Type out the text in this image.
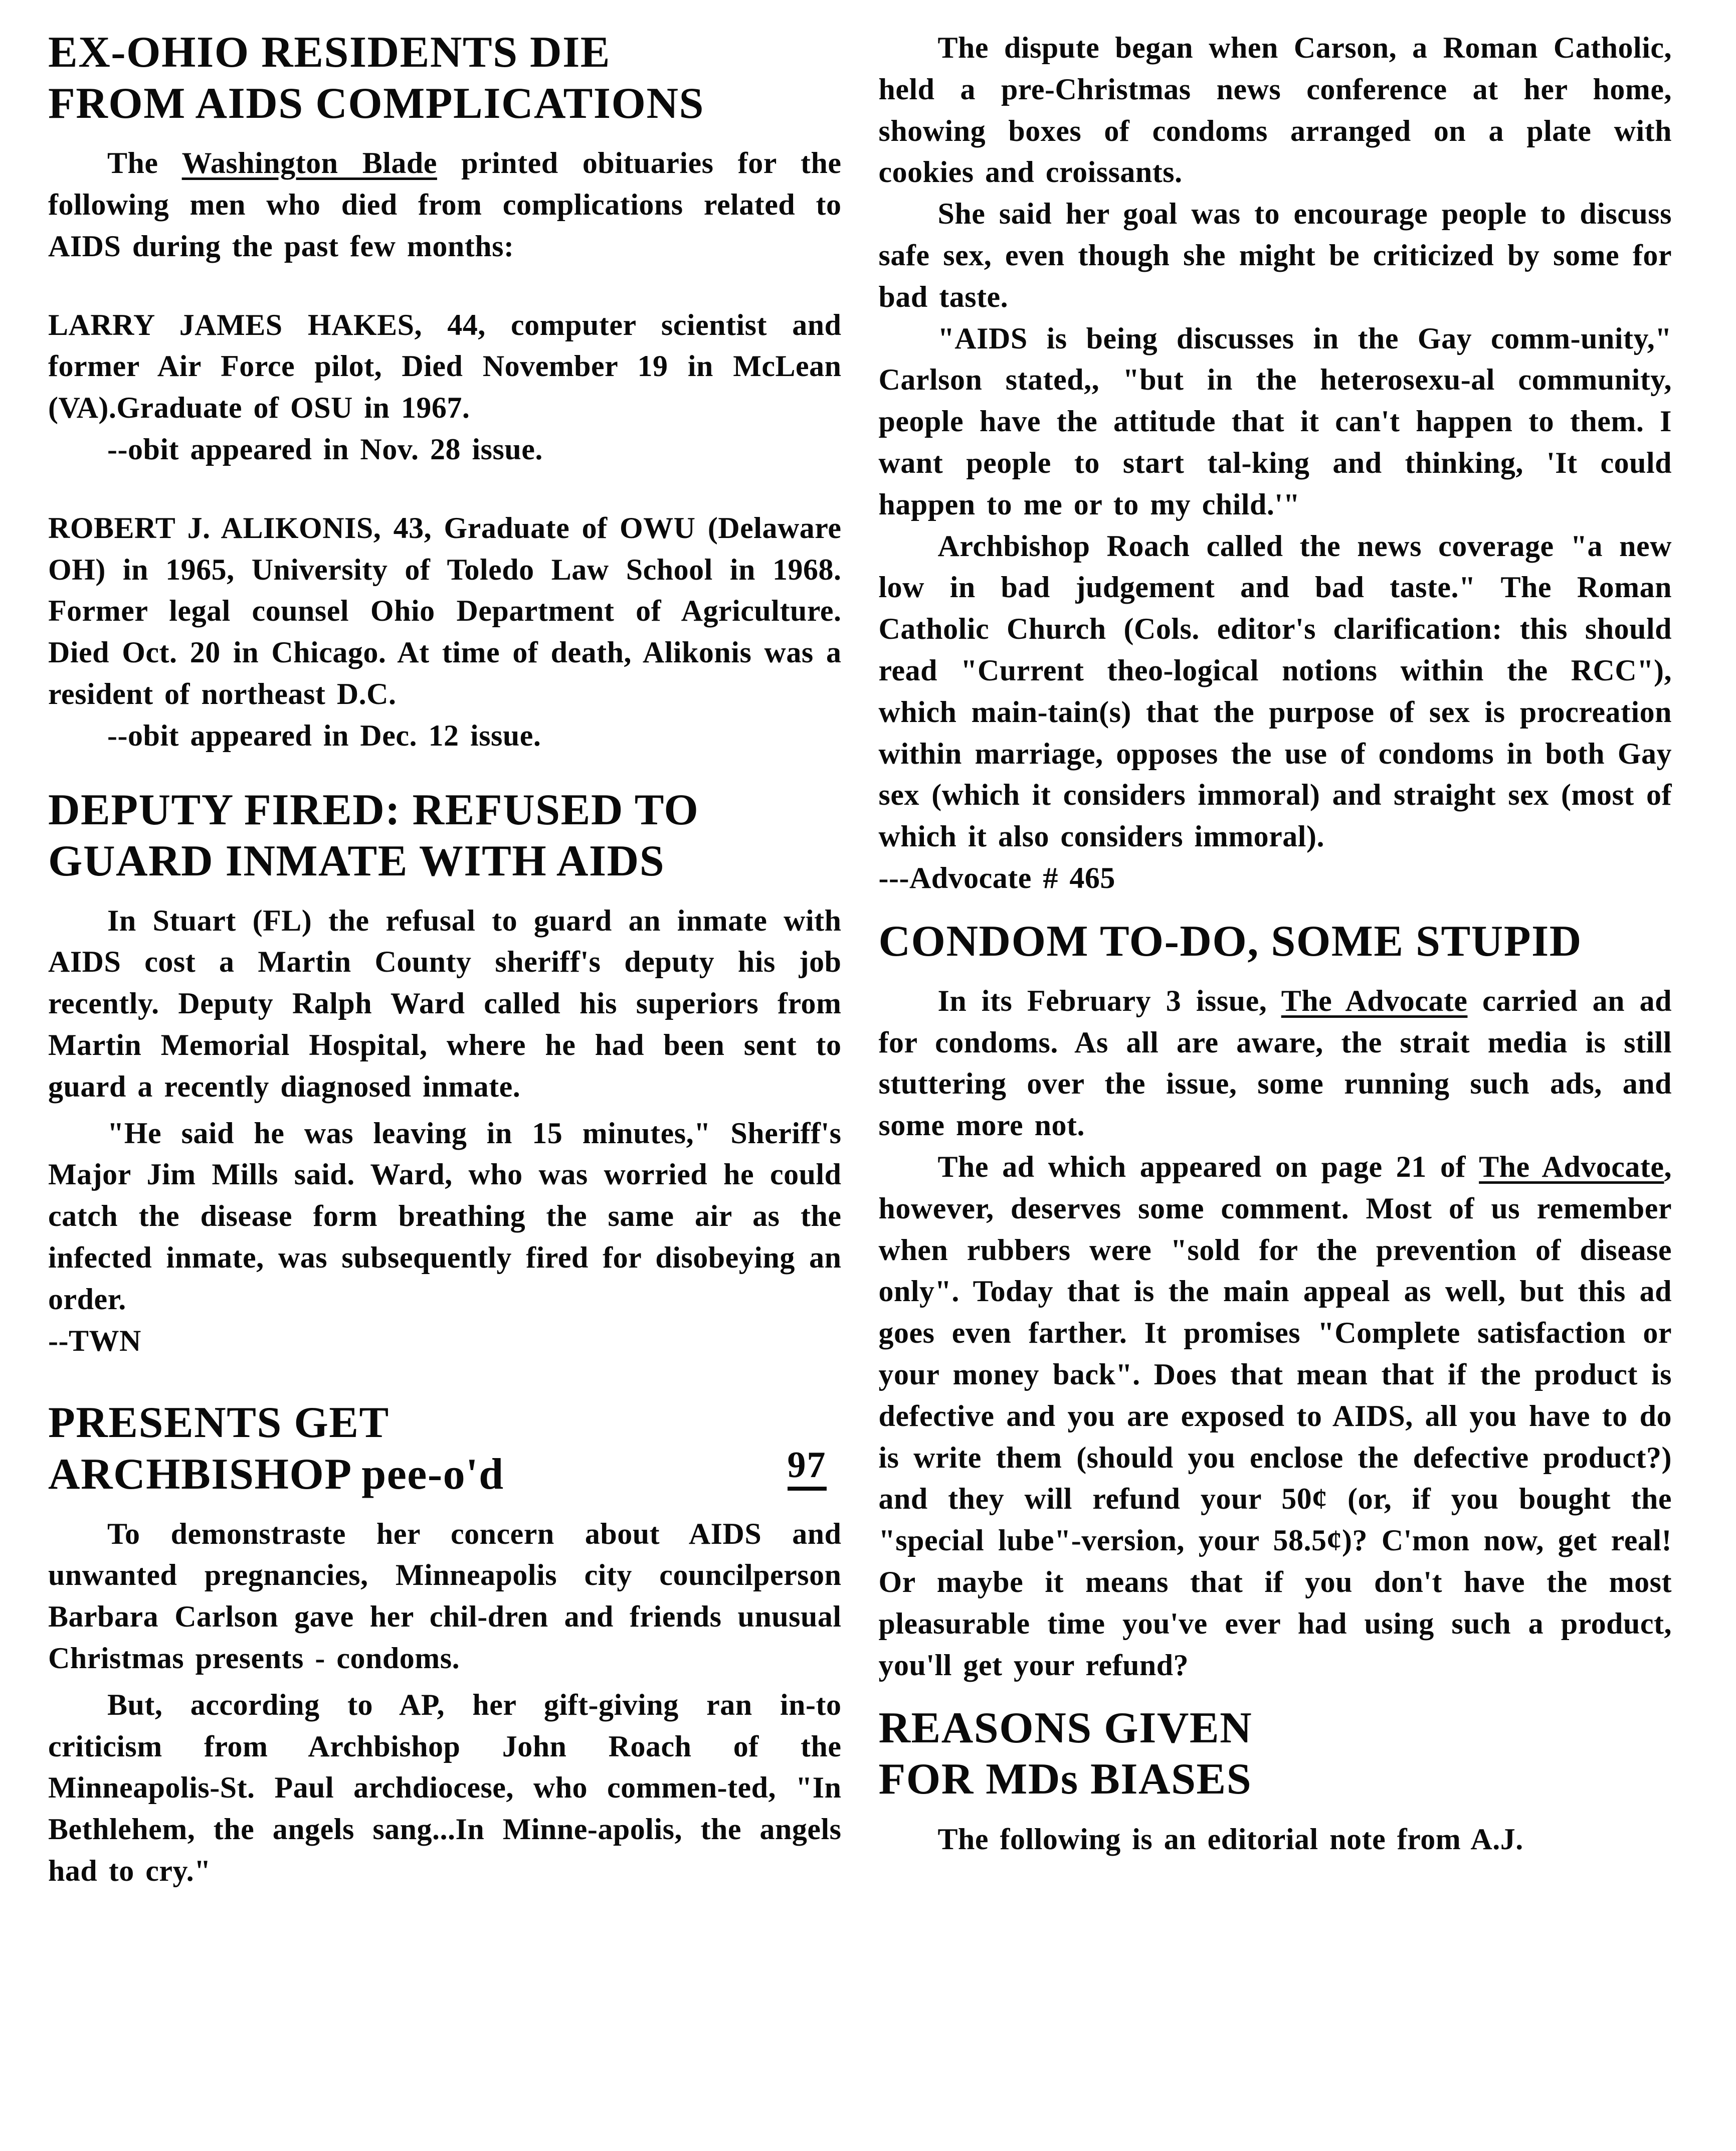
EX-OHIO RESIDENTS DIE
FROM AIDS COMPLICATIONS

The Washington Blade printed obituaries for the following men who died from complications related to AIDS during the past few months:

LARRY JAMES HAKES, 44, computer scientist and former Air Force pilot, Died November 19 in McLean (VA).Graduate of OSU in 1967.

--obit appeared in Nov. 28 issue.

ROBERT J. ALIKONIS, 43, Graduate of OWU (Delaware OH) in 1965, University of Toledo Law School in 1968. Former legal counsel Ohio Department of Agriculture. Died Oct. 20 in Chicago. At time of death, Alikonis was a resident of northeast D.C.

--obit appeared in Dec. 12 issue.

DEPUTY FIRED: REFUSED TO
GUARD INMATE WITH AIDS

In Stuart (FL) the refusal to guard an inmate with AIDS cost a Martin County sheriff's deputy his job recently. Deputy Ralph Ward called his superiors from Martin Memorial Hospital, where he had been sent to guard a recently diagnosed inmate.

"He said he was leaving in 15 minutes," Sheriff's Major Jim Mills said. Ward, who was worried he could catch the disease form breathing the same air as the infected inmate, was subsequently fired for disobeying an order.

--TWN

PRESENTS GET
ARCHBISHOP pee-o'd	97

To demonstraste her concern about AIDS and unwanted pregnancies, Minneapolis city councilperson Barbara Carlson gave her chil-dren and friends unusual Christmas presents - condoms.

But, according to AP, her gift-giving ran in-to criticism from Archbishop John Roach of the Minneapolis-St. Paul archdiocese, who commen-ted, "In Bethlehem, the angels sang...In Minne-apolis, the angels had to cry."

The dispute began when Carson, a Roman Catholic, held a pre-Christmas news conference at her home, showing boxes of condoms arranged on a plate with cookies and croissants.

She said her goal was to encourage people to discuss safe sex, even though she might be criticized by some for bad taste.

"AIDS is being discusses in the Gay comm-unity," Carlson stated,, "but in the heterosexu-al community, people have the attitude that it can't happen to them. I want people to start tal-king and thinking, 'It could happen to me or to my child.'"

Archbishop Roach called the news coverage "a new low in bad judgement and bad taste." The Roman Catholic Church (Cols. editor's clarification: this should read "Current theo-logical notions within the RCC"), which main-tain(s) that the purpose of sex is procreation within marriage, opposes the use of condoms in both Gay sex (which it considers immoral) and straight sex (most of which it also considers immoral).

---Advocate # 465

CONDOM TO-DO, SOME STUPID

In its February 3 issue, The Advocate carried an ad for condoms. As all are aware, the strait media is still stuttering over the issue, some running such ads, and some more not.

The ad which appeared on page 21 of The Advocate, however, deserves some comment. Most of us remember when rubbers were "sold for the prevention of disease only". Today that is the main appeal as well, but this ad goes even farther. It promises "Complete satisfaction or your money back". Does that mean that if the product is defective and you are exposed to AIDS, all you have to do is write them (should you enclose the defective product?) and they will refund your 50¢ (or, if you bought the "special lube"-version, your 58.5¢)? C'mon now, get real! Or maybe it means that if you don't have the most pleasurable time you've ever had using such a product, you'll get your refund?

REASONS GIVEN
FOR MDs BIASES

The following is an editorial note from A.J.
